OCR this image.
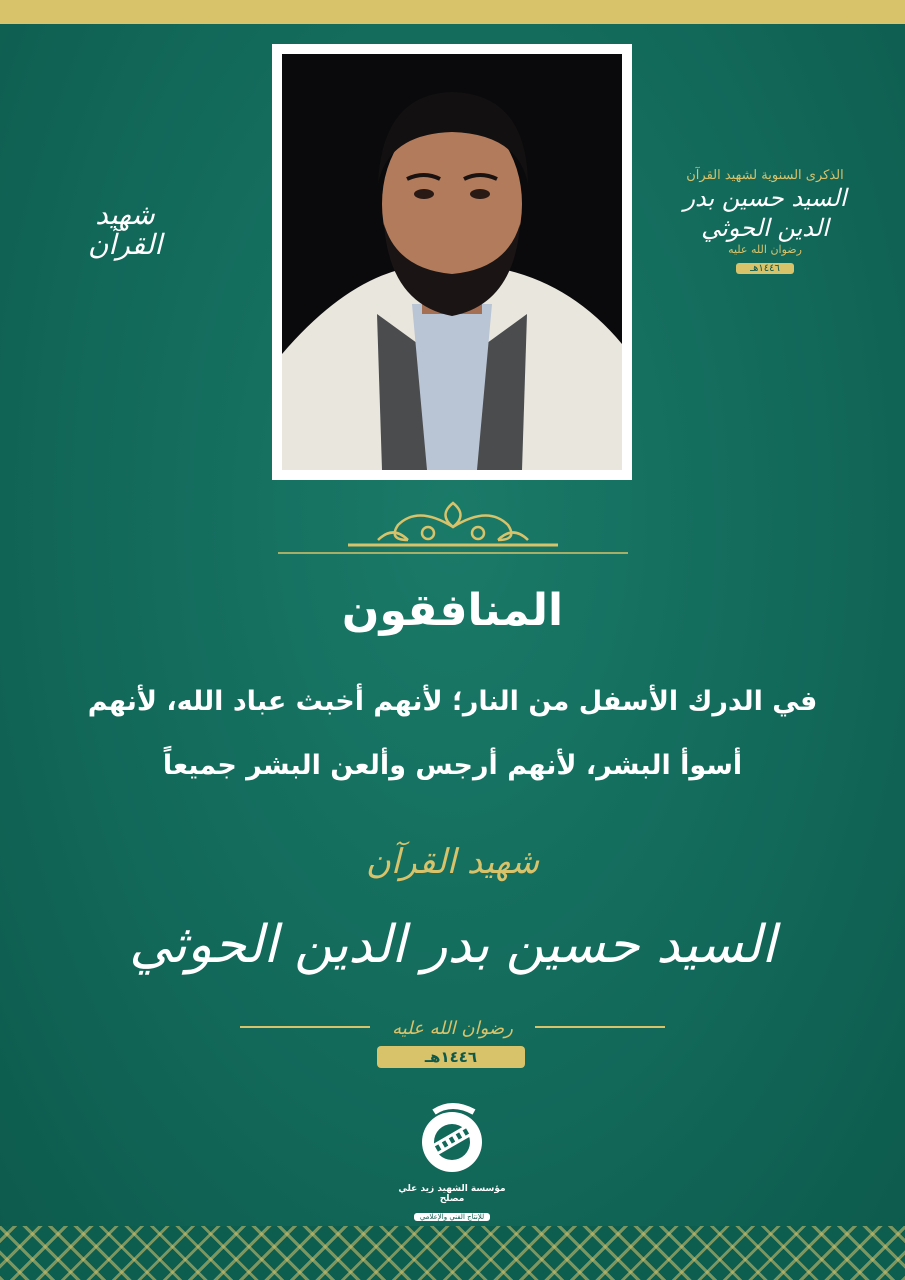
شهيد القرآن
الذكرى السنوية لشهيد القرآن
السيد حسين بدر الدين الحوثي
رضوان الله عليه
١٤٤٦هـ
المنافقون
في الدرك الأسفل من النار؛ لأنهم أخبث عباد الله، لأنهم أسوأ البشر، لأنهم أرجس وألعن البشر جميعاً
شهيد القرآن
السيد حسين بدر الدين الحوثي
رضوان الله عليه
١٤٤٦هـ
مؤسسة الشهيد زيد علي مصلح
للإنتاج الفني والإعلامي
